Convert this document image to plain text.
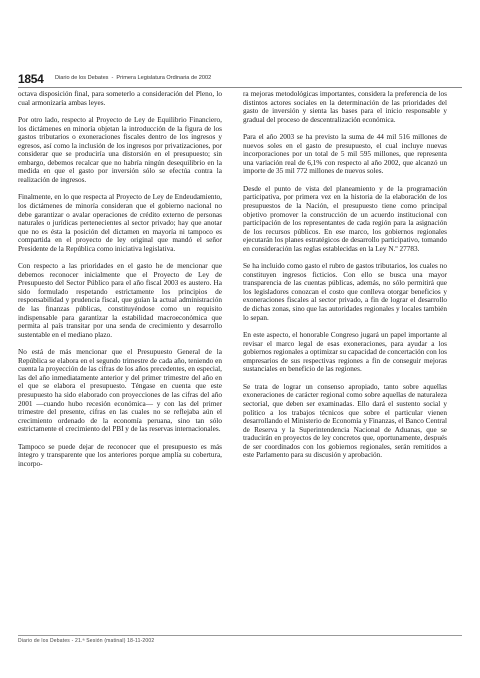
1854 Diario de los Debates - Primera Legislatura Ordinaria de 2002

octava disposición final, para someterlo a consideración del Pleno, lo cual armonizaría ambas leyes.

Por otro lado, respecto al Proyecto de Ley de Equilibrio Financiero, los dictámenes en minoría objetan la introducción de la figura de los gastos tributarios o exoneraciones fiscales dentro de los ingresos y egresos, así como la inclusión de los ingresos por privatizaciones, por considerar que se produciría una distorsión en el presupuesto; sin embargo, debemos recalcar que no habría ningún desequilibrio en la medida en que el gasto por inversión sólo se efectúa contra la realización de ingresos.

Finalmente, en lo que respecta al Proyecto de Ley de Endeudamiento, los dictámenes de minoría consideran que el gobierno nacional no debe garantizar o avalar operaciones de crédito externo de personas naturales o jurídicas pertenecientes al sector privado; hay que anotar que no es ésta la posición del dictamen en mayoría ni tampoco es compartida en el proyecto de ley original que mandó el señor Presidente de la República como iniciativa legislativa.

Con respecto a las prioridades en el gasto he de mencionar que debemos reconocer inicialmente que el Proyecto de Ley de Presupuesto del Sector Público para el año fiscal 2003 es austero. Ha sido formulado respetando estrictamente los principios de responsabilidad y prudencia fiscal, que guían la actual administración de las finanzas públicas, constituyéndose como un requisito indispensable para garantizar la estabilidad macroeconómica que permita al país transitar por una senda de crecimiento y desarrollo sustentable en el mediano plazo.

No está de más mencionar que el Presupuesto General de la República se elabora en el segundo trimestre de cada año, teniendo en cuenta la proyección de las cifras de los años precedentes, en especial, las del año inmediatamente anterior y del primer trimestre del año en el que se elabora el presupuesto. Téngase en cuenta que este presupuesto ha sido elaborado con proyecciones de las cifras del año 2001 —cuando hubo recesión económica— y con las del primer trimestre del presente, cifras en las cuales no se reflejaba aún el crecimiento ordenado de la economía peruana, sino tan sólo estrictamente el crecimiento del PBI y de las reservas internacionales.

Tampoco se puede dejar de reconocer que el presupuesto es más íntegro y transparente que los anteriores porque amplía su cobertura, incorpo-

ra mejoras metodológicas importantes, considera la preferencia de los distintos actores sociales en la determinación de las prioridades del gasto de inversión y sienta las bases para el inicio responsable y gradual del proceso de descentralización económica.

Para el año 2003 se ha previsto la suma de 44 mil 516 millones de nuevos soles en el gasto de presupuesto, el cual incluye nuevas incorporaciones por un total de 5 mil 595 millones, que representa una variación real de 6,1% con respecto al año 2002, que alcanzó un importe de 35 mil 772 millones de nuevos soles.

Desde el punto de vista del planeamiento y de la programación participativa, por primera vez en la historia de la elaboración de los presupuestos de la Nación, el presupuesto tiene como principal objetivo promover la construcción de un acuerdo institucional con participación de los representantes de cada región para la asignación de los recursos públicos. En ese marco, los gobiernos regionales ejecutarán los planes estratégicos de desarrollo participativo, tomando en consideración las reglas establecidas en la Ley N.º 27783.

Se ha incluido como gasto el rubro de gastos tributarios, los cuales no constituyen ingresos ficticios. Con ello se busca una mayor transparencia de las cuentas públicas, además, no sólo permitirá que los legisladores conozcan el costo que conlleva otorgar beneficios y exoneraciones fiscales al sector privado, a fin de lograr el desarrollo de dichas zonas, sino que las autoridades regionales y locales también lo sepan.

En este aspecto, el honorable Congreso jugará un papel importante al revisar el marco legal de esas exoneraciones, para ayudar a los gobiernos regionales a optimizar su capacidad de concertación con los empresarios de sus respectivas regiones a fin de conseguir mejoras sustanciales en beneficio de las regiones.

Se trata de lograr un consenso apropiado, tanto sobre aquellas exoneraciones de carácter regional como sobre aquellas de naturaleza sectorial, que deben ser examinadas. Ello dará el sustento social y político a los trabajos técnicos que sobre el particular vienen desarrollando el Ministerio de Economía y Finanzas, el Banco Central de Reserva y la Superintendencia Nacional de Aduanas, que se traducirán en proyectos de ley concretos que, oportunamente, después de ser coordinados con los gobiernos regionales, serán remitidos a este Parlamento para su discusión y aprobación.

Diario de los Debates - 21.ª Sesión (matinal) 18-11-2002
